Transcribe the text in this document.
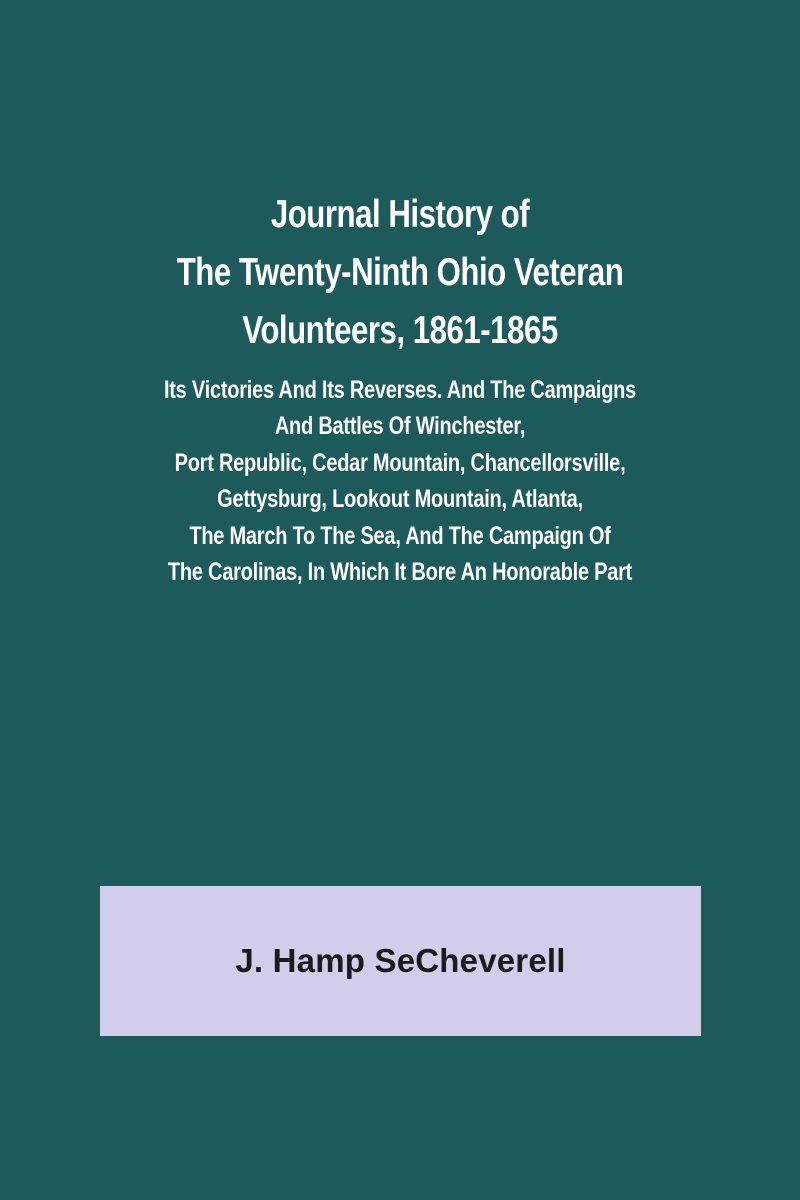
Journal History of
The Twenty-Ninth Ohio Veteran
Volunteers, 1861-1865
Its Victories And Its Reverses. And The Campaigns
And Battles Of Winchester,
Port Republic, Cedar Mountain, Chancellorsville,
Gettysburg, Lookout Mountain, Atlanta,
The March To The Sea, And The Campaign Of
The Carolinas, In Which It Bore An Honorable Part
J. Hamp SeCheverell
